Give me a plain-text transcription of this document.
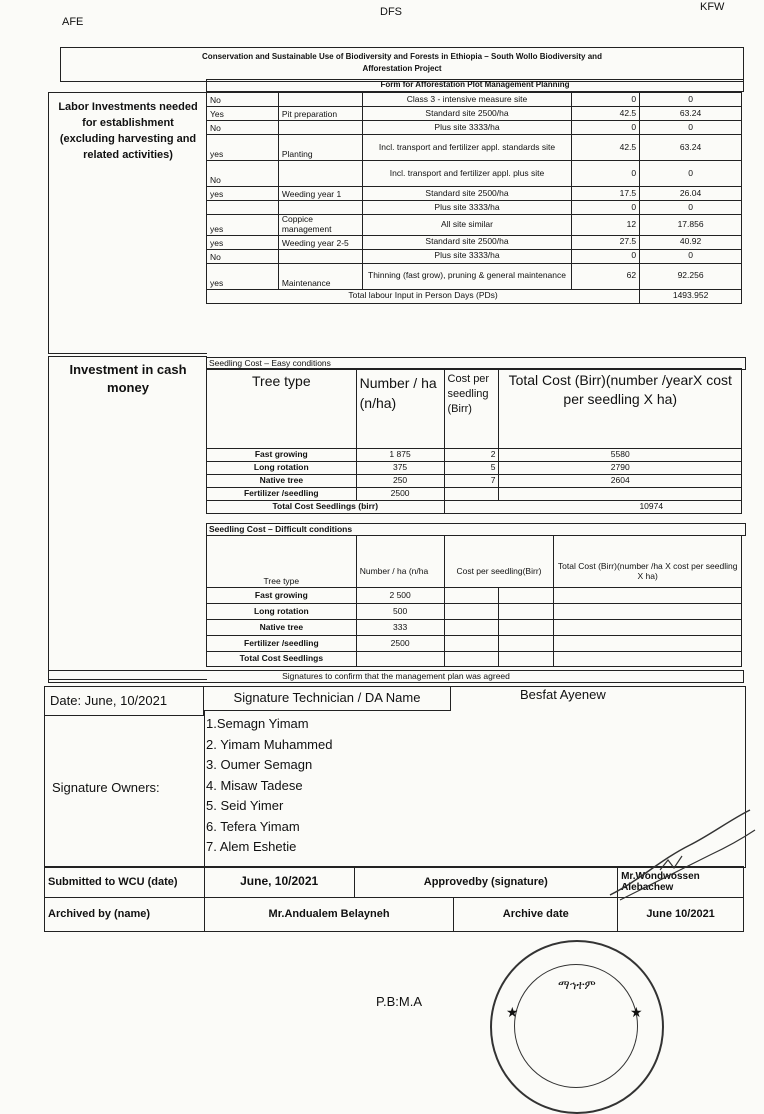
AFE
DFS	KFW
Conservation and Sustainable Use of Biodiversity and Forests in Ethiopia – South Wollo Biodiversity and
Afforestation Project
Form for Afforestation Plot Management Planning
Labor Investments needed for establishment (excluding harvesting and related activities)
No		Class 3 - intensive measure site	0	0
Yes	Pit preparation	Standard site 2500/ha	42.5	63.24
No		Plus site 3333/ha	0	0
yes	Planting	Incl. transport and fertilizer appl. standards site	42.5	63.24
No		Incl. transport and fertilizer appl. plus site	0	0
yes	Weeding year 1	Standard site 2500/ha	17.5	26.04
		Plus site 3333/ha	0	0
yes	Coppice management	All site similar	12	17.856
yes	Weeding year 2-5	Standard site 2500/ha	27.5	40.92
No		Plus site 3333/ha	0	0
yes	Maintenance	Thinning (fast grow), pruning & general maintenance	62	92.256
Total labour Input in Person Days (PDs)				1493.952
Investment in cash money
Seedling Cost – Easy conditions
Tree type	Number / ha (n/ha)	Cost per seedling (Birr)	Total Cost (Birr)(number /yearX cost per seedling X ha)
Fast growing	1 875	2	5580
Long rotation	375	5	2790
Native tree	250	7	2604
Fertilizer /seedling	2500		
Total Cost Seedlings (birr)		10974	
Seedling Cost – Difficult conditions
Tree type	Number / ha (n/ha	Cost per seedling(Birr)		Total Cost (Birr)(number /ha X cost per seedling X ha)
Fast growing	2 500			
Long rotation	500			
Native tree	333			
Fertilizer /seedling	2500			
Total Cost Seedlings				
Signatures to confirm that the management plan was agreed
Date: June, 10/2021	Signature Technician / DA Name	Besfat Ayenew
Signature Owners:
1.Semagn Yimam
2. Yimam Muhammed
3. Oumer Semagn
4. Misaw Tadese
5. Seid Yimer
6. Tefera Yimam
7. Alem Eshetie
Submitted to WCU (date)	June, 10/2021	Approvedby (signature)	Mr.Wondwossen Alebachew
Archived by (name)	Mr.Andualem Belayneh	Archive date	June 10/2021
P.B:M.A
ማኅተም
★	★
